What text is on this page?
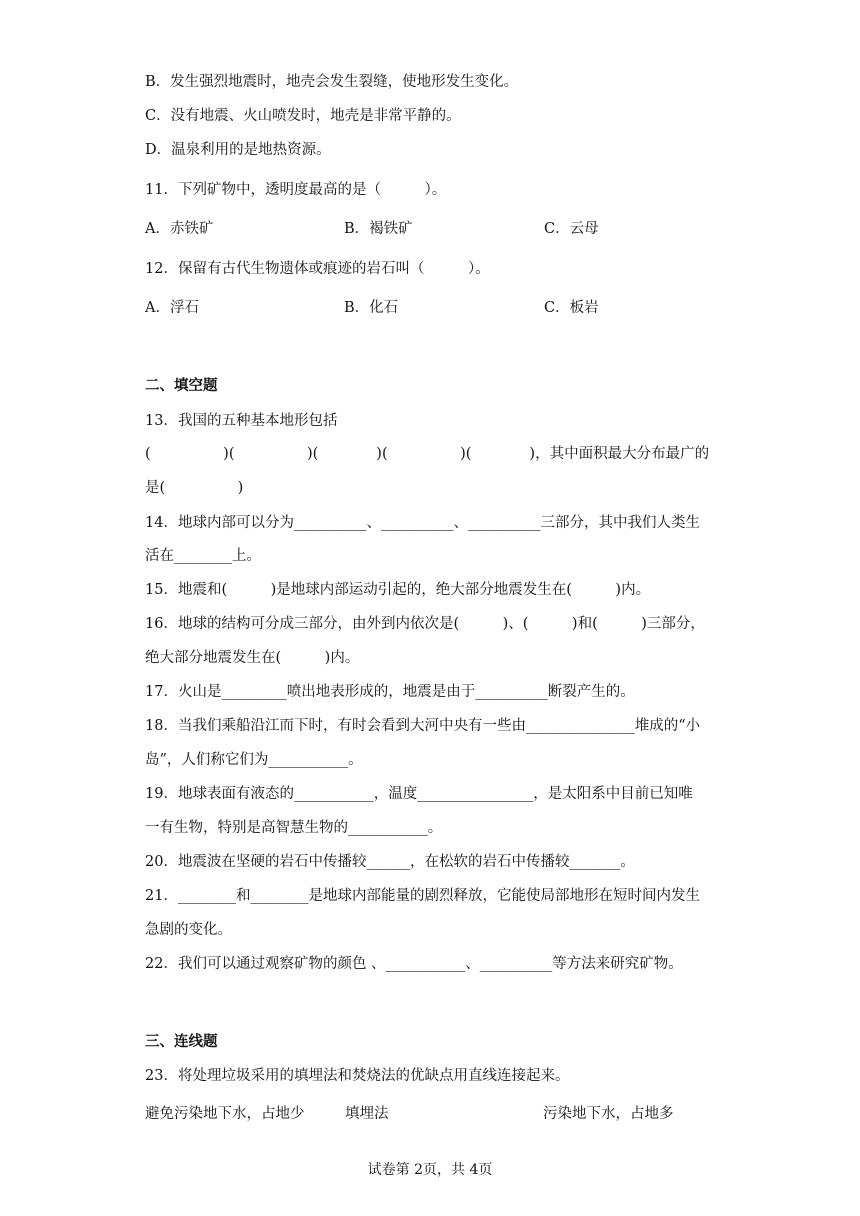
B．发生强烈地震时，地壳会发生裂缝，使地形发生变化。
C．没有地震、火山喷发时，地壳是非常平静的。
D．温泉利用的是地热资源。
11．下列矿物中，透明度最高的是（　　　）。
A．赤铁矿	B．褐铁矿	C．云母
12．保留有古代生物遗体或痕迹的岩石叫（　　　）。
A．浮石	B．化石	C．板岩
二、填空题
13．我国的五种基本地形包括
(　　　　　)(　　　　　)(　　　　)(　　　　　)(　　　　)，其中面积最大分布最广的
是(　　　　　)
14．地球内部可以分为__________、__________、__________三部分，其中我们人类生
活在________上。
15．地震和(　　　)是地球内部运动引起的，绝大部分地震发生在(　　　)内。
16．地球的结构可分成三部分，由外到内依次是(　　　)、(　　　)和(　　　)三部分，
绝大部分地震发生在(　　　)内。
17．火山是_________喷出地表形成的，地震是由于__________断裂产生的。
18．当我们乘船沿江而下时，有时会看到大河中央有一些由_______________堆成的“小
岛”，人们称它们为___________。
19．地球表面有液态的___________，温度________________，是太阳系中目前已知唯
一有生物，特别是高智慧生物的___________。
20．地震波在坚硬的岩石中传播较______，在松软的岩石中传播较_______。
21．________和________是地球内部能量的剧烈释放，它能使局部地形在短时间内发生
急剧的变化。
22．我们可以通过观察矿物的颜色 、___________、__________等方法来研究矿物。
三、连线题
23．将处理垃圾采用的填埋法和焚烧法的优缺点用直线连接起来。
避免污染地下水，占地少	填埋法	污染地下水，占地多
试卷第 2页，共 4页
